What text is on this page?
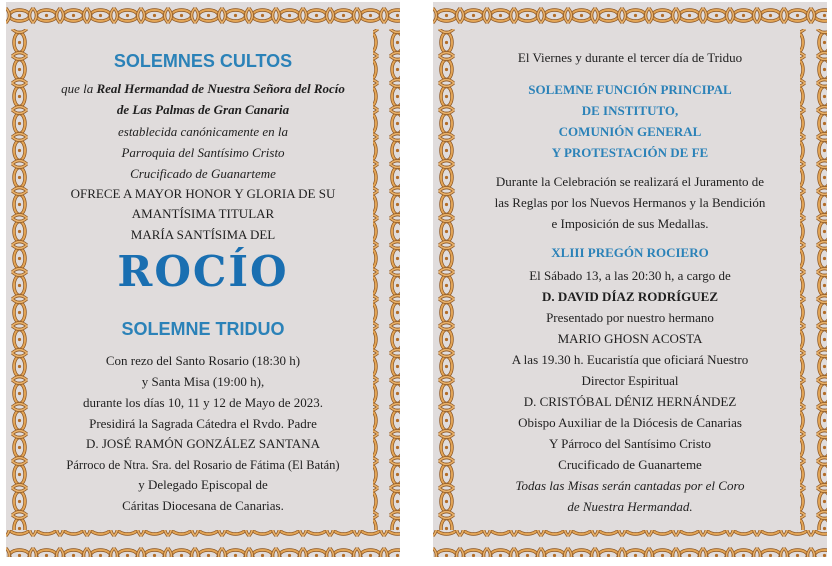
SOLEMNES CULTOS

que la Real Hermandad de Nuestra Señora del Rocío

de Las Palmas de Gran Canaria

establecida canónicamente en la

Parroquia del Santísimo Cristo

Crucificado de Guanarteme

OFRECE A MAYOR HONOR Y GLORIA DE SU

AMANTÍSIMA TITULAR

MARÍA SANTÍSIMA DEL

ROCÍO

SOLEMNE TRIDUO

Con rezo del Santo Rosario (18:30 h)

y Santa Misa (19:00 h),

durante los días 10, 11 y 12 de Mayo de 2023.

Presidirá la Sagrada Cátedra el Rvdo. Padre

D. JOSÉ RAMÓN GONZÁLEZ SANTANA

Párroco de Ntra. Sra. del Rosario de Fátima (El Batán)

y Delegado Episcopal de

Cáritas Diocesana de Canarias.

El Viernes y durante el tercer día de Triduo

SOLEMNE FUNCIÓN PRINCIPAL

DE INSTITUTO,

COMUNIÓN GENERAL

Y PROTESTACIÓN DE FE

Durante la Celebración se realizará el Juramento de

las Reglas por los Nuevos Hermanos y la Bendición

e Imposición de sus Medallas.

XLIII PREGÓN ROCIERO

El Sábado 13, a las 20:30 h, a cargo de

D. DAVID DÍAZ RODRÍGUEZ

Presentado por nuestro hermano

MARIO GHOSN ACOSTA

A las 19.30 h. Eucaristía que oficiará Nuestro

Director Espiritual

D. CRISTÓBAL DÉNIZ HERNÁNDEZ

Obispo Auxiliar de la Diócesis de Canarias

Y Párroco del Santísimo Cristo

Crucificado de Guanarteme

Todas las Misas serán cantadas por el Coro

de Nuestra Hermandad.
